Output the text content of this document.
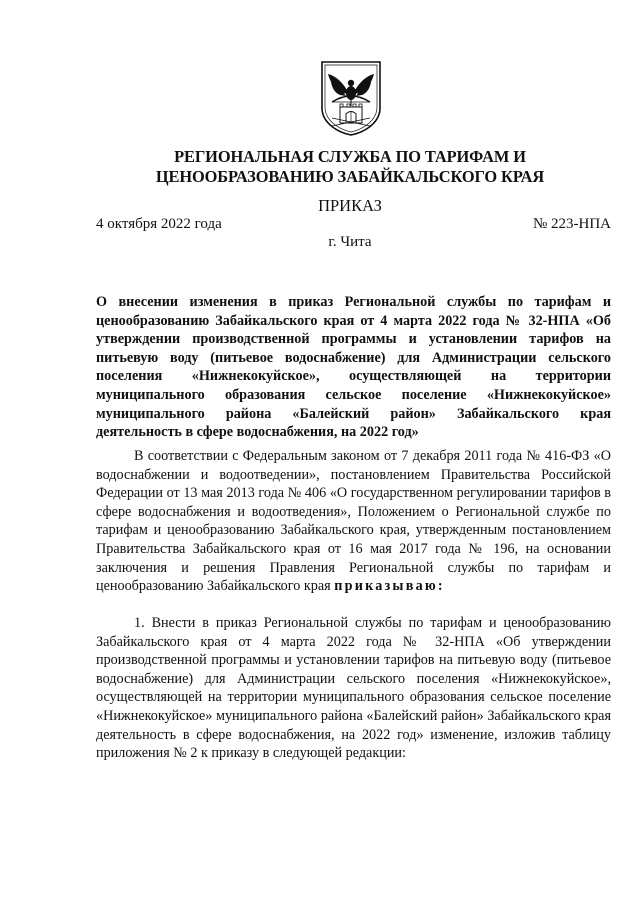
РЕГИОНАЛЬНАЯ СЛУЖБА ПО ТАРИФАМ И
ЦЕНООБРАЗОВАНИЮ ЗАБАЙКАЛЬСКОГО КРАЯ
ПРИКАЗ
4 октября 2022 года	№ 223-НПА
г. Чита
О внесении изменения в приказ Региональной службы по тарифам и ценообразованию Забайкальского края от 4 марта 2022 года № 32-НПА «Об утверждении производственной программы и установлении тарифов на питьевую воду (питьевое водоснабжение) для Администрации сельского поселения «Нижнекокуйское», осуществляющей на территории муниципального образования сельское поселение «Нижнекокуйское» муниципального района «Балейский район» Забайкальского края деятельность в сфере водоснабжения, на 2022 год»
В соответствии с Федеральным законом от 7 декабря 2011 года № 416-ФЗ «О водоснабжении и водоотведении», постановлением Правительства Российской Федерации от 13 мая 2013 года № 406 «О государственном регулировании тарифов в сфере водоснабжения и водоотведения», Положением о Региональной службе по тарифам и ценообразованию Забайкальского края, утвержденным постановлением Правительства Забайкальского края от 16 мая 2017 года № 196, на основании заключения и решения Правления Региональной службы по тарифам и ценообразованию Забайкальского края приказываю:
1. Внести в приказ Региональной службы по тарифам и ценообразованию Забайкальского края от 4 марта 2022 года № 32-НПА «Об утверждении производственной программы и установлении тарифов на питьевую воду (питьевое водоснабжение) для Администрации сельского поселения «Нижнекокуйское», осуществляющей на территории муниципального образования сельское поселение «Нижнекокуйское» муниципального района «Балейский район» Забайкальского края деятельность в сфере водоснабжения, на 2022 год» изменение, изложив таблицу приложения № 2 к приказу в следующей редакции:
